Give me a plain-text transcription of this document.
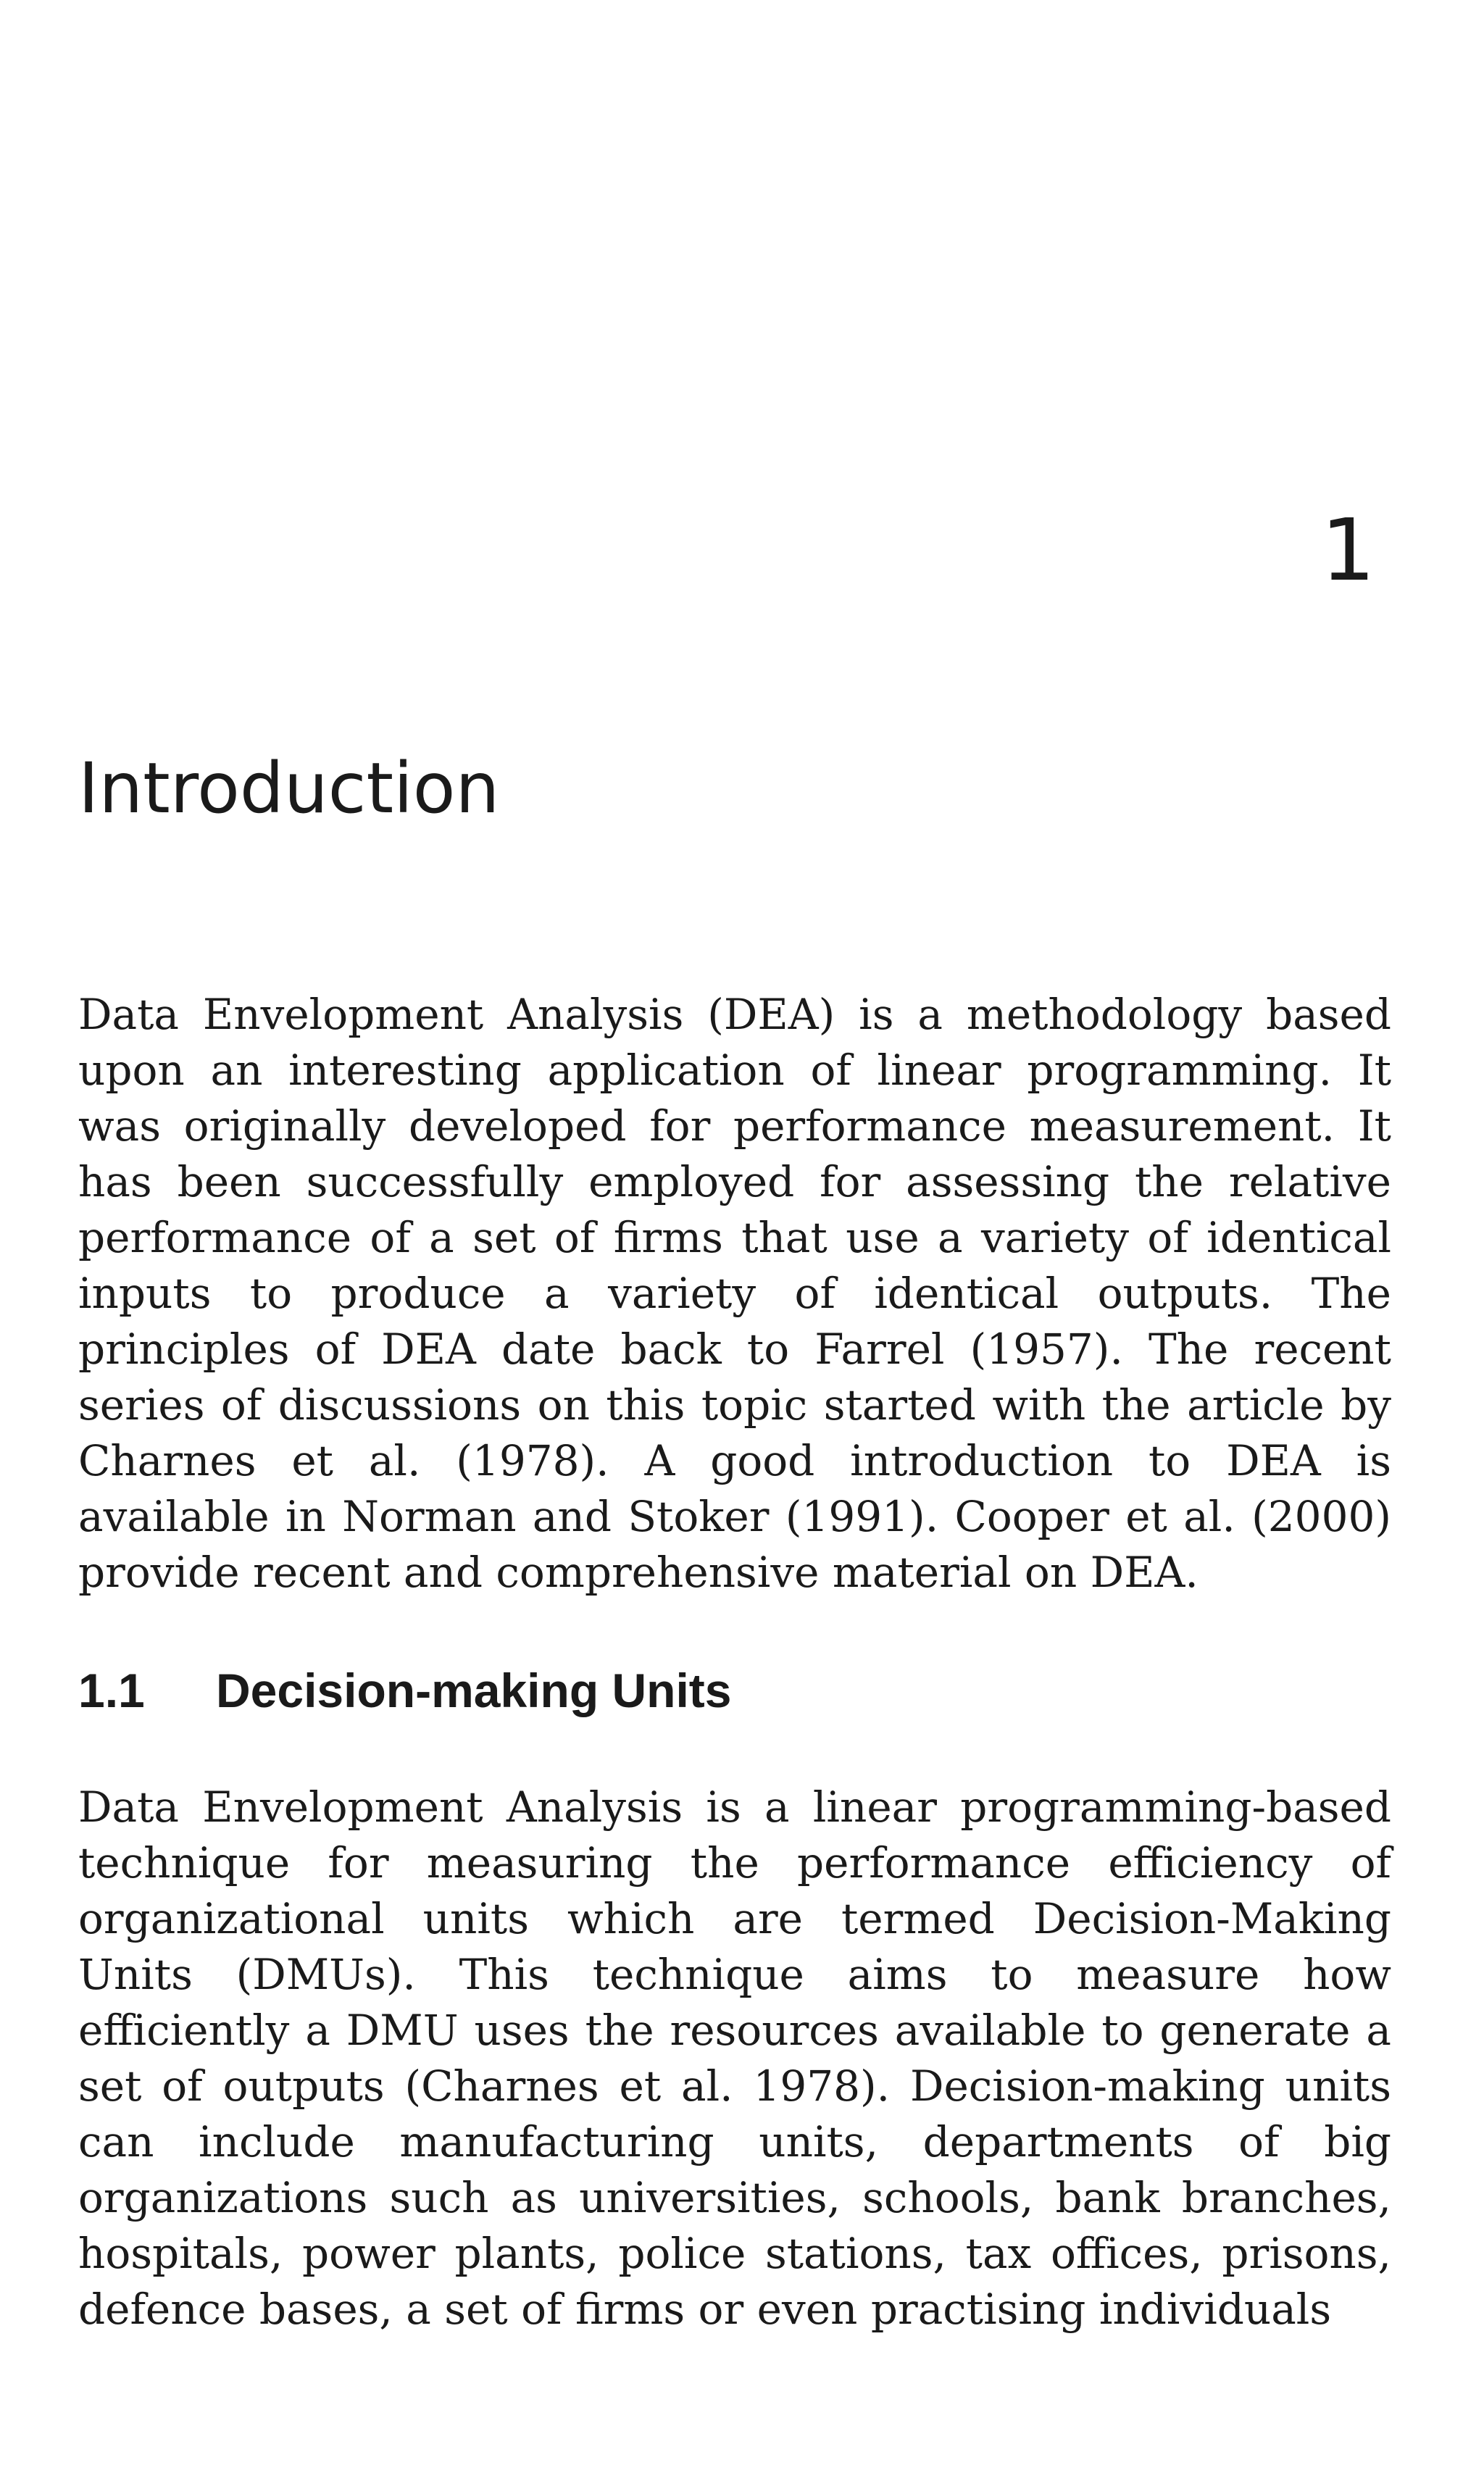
1
Introduction

Data Envelopment Analysis (DEA) is a methodology based upon an interesting application of linear programming. It was originally developed for performance measurement. It has been successfully employed for assessing the relative performance of a set of firms that use a variety of identical inputs to produce a variety of identical outputs. The principles of DEA date back to Farrel (1957). The recent series of discussions on this topic started with the article by Charnes et al. (1978). A good introduction to DEA is available in Norman and Stoker (1991). Cooper et al. (2000) provide recent and comprehensive material on DEA.

1.1 Decision-making Units

Data Envelopment Analysis is a linear programming-based technique for measuring the performance efficiency of organizational units which are termed Decision-Making Units (DMUs). This technique aims to measure how efficiently a DMU uses the resources available to generate a set of outputs (Charnes et al. 1978). Decision-making units can include manufacturing units, departments of big organizations such as universities, schools, bank branches, hospitals, power plants, police stations, tax offices, prisons, defence bases, a set of firms or even practising individuals
